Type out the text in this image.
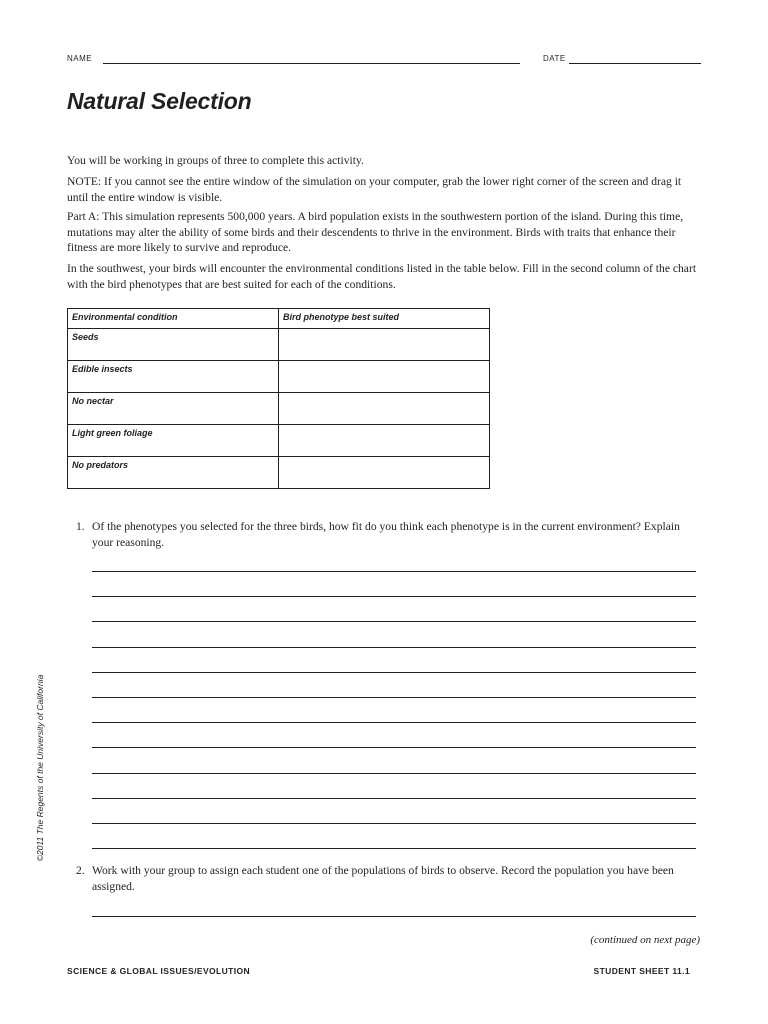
NAME	DATE
Natural Selection
You will be working in groups of three to complete this activity.
NOTE: If you cannot see the entire window of the simulation on your computer, grab the lower right corner of the screen and drag it until the entire window is visible.
Part A: This simulation represents 500,000 years. A bird population exists in the southwestern portion of the island. During this time, mutations may alter the ability of some birds and their descendents to thrive in the environment. Birds with traits that enhance their fitness are more likely to survive and reproduce.
In the southwest, your birds will encounter the environmental conditions listed in the table below. Fill in the second column of the chart with the bird phenotypes that are best suited for each of the conditions.
Environmental condition	Bird phenotype best suited
Seeds	
Edible insects	
No nectar	
Light green foliage	
No predators	
1. Of the phenotypes you selected for the three birds, how fit do you think each phenotype is in the current environment? Explain your reasoning.
2. Work with your group to assign each student one of the populations of birds to observe. Record the population you have been assigned.
©2011 The Regents of the University of California
(continued on next page)
SCIENCE & GLOBAL ISSUES/EVOLUTION	STUDENT SHEET 11.1
